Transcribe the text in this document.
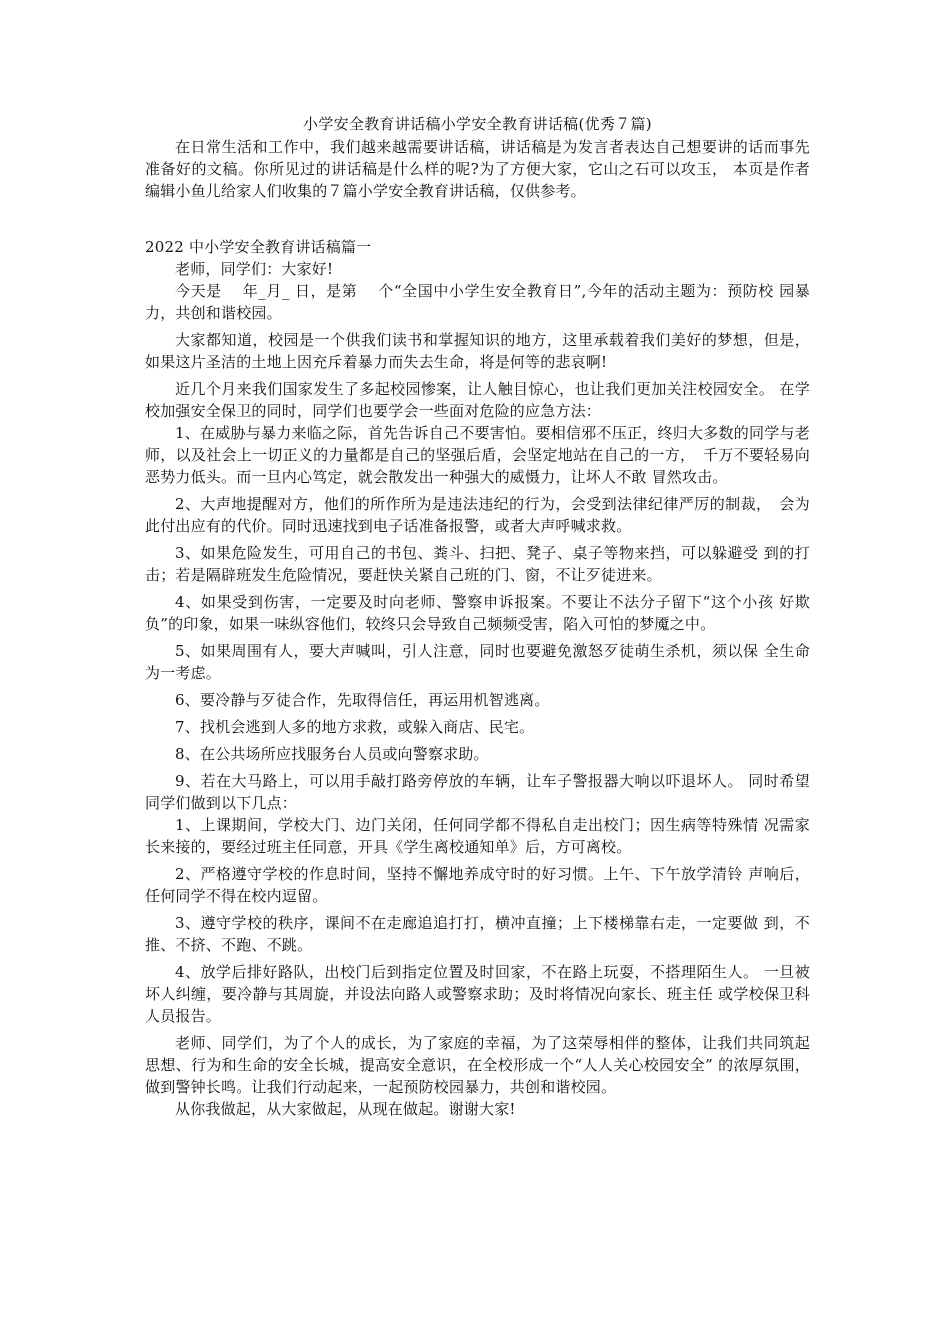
小学安全教育讲话稿小学安全教育讲话稿(优秀７篇)

在日常生活和工作中，我们越来越需要讲话稿，讲话稿是为发言者表达自己想要讲的话而事先准备好的文稿。你所见过的讲话稿是什么样的呢?为了方便大家，它山之石可以攻玉， 本页是作者编辑小鱼儿给家人们收集的７篇小学安全教育讲话稿，仅供参考。

2022 中小学安全教育讲话稿篇一

老师，同学们：大家好!

今天是　 年_月_ 日，是第　 个“全国中小学生安全教育日”,今年的活动主题为：预防校 园暴力，共创和谐校园。

大家都知道，校园是一个供我们读书和掌握知识的地方，这里承载着我们美好的梦想，但是，如果这片圣洁的土地上因充斥着暴力而失去生命，将是何等的悲哀啊!

近几个月来我们国家发生了多起校园惨案，让人触目惊心，也让我们更加关注校园安全。 在学校加强安全保卫的同时，同学们也要学会一些面对危险的应急方法：

1、在威胁与暴力来临之际，首先告诉自己不要害怕。要相信邪不压正，终归大多数的同学与老师，以及社会上一切正义的力量都是自己的坚强后盾，会坚定地站在自己的一方，　千万不要轻易向恶势力低头。而一旦内心笃定，就会散发出一种强大的威慑力，让坏人不敢 冒然攻击。

2、大声地提醒对方，他们的所作所为是违法违纪的行为，会受到法律纪律严厉的制裁，　会为此付出应有的代价。同时迅速找到电子话准备报警，或者大声呼喊求救。

3、如果危险发生，可用自己的书包、粪斗、扫把、凳子、桌子等物来挡，可以躲避受 到的打击；若是隔辟班发生危险情况，要赶快关紧自己班的门、窗，不让歹徒进来。

4、如果受到伤害，一定要及时向老师、警察申诉报案。不要让不法分子留下“这个小孩 好欺负”的印象，如果一味纵容他们，较终只会导致自己频频受害，陷入可怕的梦魇之中。

5、如果周围有人，要大声喊叫，引人注意，同时也要避免激怒歹徒萌生杀机，须以保 全生命为一考虑。

6、要冷静与歹徒合作，先取得信任，再运用机智逃离。

7、找机会逃到人多的地方求救，或躲入商店、民宅。

8、在公共场所应找服务台人员或向警察求助。

9、若在大马路上，可以用手敲打路旁停放的车辆，让车子警报器大响以吓退坏人。 同时希望同学们做到以下几点：

1、上课期间，学校大门、边门关闭，任何同学都不得私自走出校门；因生病等特殊情 况需家长来接的，要经过班主任同意，开具《学生离校通知单》后，方可离校。

2、严格遵守学校的作息时间，坚持不懈地养成守时的好习惯。上午、下午放学清铃 声响后，任何同学不得在校内逗留。

3、遵守学校的秩序，课间不在走廊追追打打，横冲直撞；上下楼梯靠右走，一定要做 到，不推、不挤、不跑、不跳。

4、放学后排好路队，出校门后到指定位置及时回家，不在路上玩耍，不搭理陌生人。 一旦被坏人纠缠，要冷静与其周旋，并设法向路人或警察求助；及时将情况向家长、班主任 或学校保卫科人员报告。

老师、同学们，为了个人的成长，为了家庭的幸福，为了这荣辱相伴的整体，让我们共同筑起思想、行为和生命的安全长城，提高安全意识，在全校形成一个“人人关心校园安全” 的浓厚氛围，做到警钟长鸣。让我们行动起来，一起预防校园暴力，共创和谐校园。

从你我做起，从大家做起，从现在做起。谢谢大家!
